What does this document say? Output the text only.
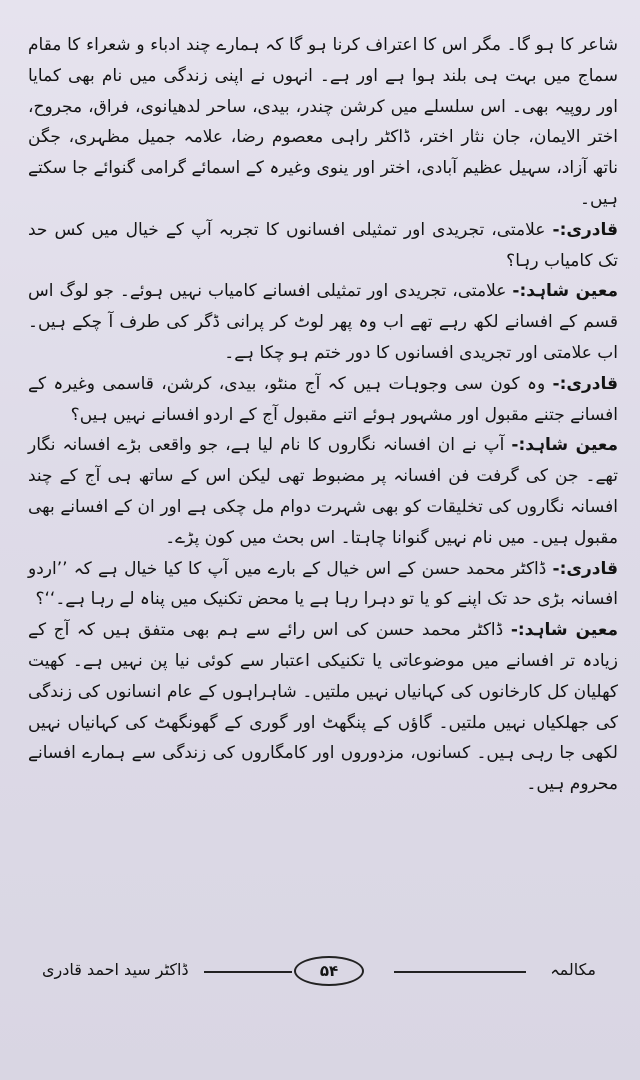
شاعر کا ہو گا۔ مگر اس کا اعتراف کرنا ہو گا کہ ہمارے چند ادباء و شعراء کا مقام سماج میں بہت ہی بلند ہوا ہے اور ہے۔ انہوں نے اپنی زندگی میں نام بھی کمایا اور روپیہ بھی۔ اس سلسلے میں کرشن چندر، بیدی، ساحر لدھیانوی، فراق، مجروح، اختر الایمان، جان نثار اختر، ڈاکٹر راہی معصوم رضا، علامہ جمیل مظہری، جگن ناتھ آزاد، سہیل عظیم آبادی، اختر اور ینوی وغیرہ کے اسمائے گرامی گنوائے جا سکتے ہیں۔

قادری:- علامتی، تجریدی اور تمثیلی افسانوں کا تجربہ آپ کے خیال میں کس حد تک کامیاب رہا؟

معین شاہد:- علامتی، تجریدی اور تمثیلی افسانے کامیاب نہیں ہوئے۔ جو لوگ اس قسم کے افسانے لکھ رہے تھے اب وہ پھر لوٹ کر پرانی ڈگر کی طرف آ چکے ہیں۔ اب علامتی اور تجریدی افسانوں کا دور ختم ہو چکا ہے۔

قادری:- وہ کون سی وجوہات ہیں کہ آج منٹو، بیدی، کرشن، قاسمی وغیرہ کے افسانے جتنے مقبول اور مشہور ہوئے اتنے مقبول آج کے اردو افسانے نہیں ہیں؟

معین شاہد:- آپ نے ان افسانہ نگاروں کا نام لیا ہے، جو واقعی بڑے افسانہ نگار تھے۔ جن کی گرفت فن افسانہ پر مضبوط تھی لیکن اس کے ساتھ ہی آج کے چند افسانہ نگاروں کی تخلیقات کو بھی شہرت دوام مل چکی ہے اور ان کے افسانے بھی مقبول ہیں۔ میں نام نہیں گنوانا چاہتا۔ اس بحث میں کون پڑے۔

قادری:- ڈاکٹر محمد حسن کے اس خیال کے بارے میں آپ کا کیا خیال ہے کہ ’’اردو افسانہ بڑی حد تک اپنے کو یا تو دہرا رہا ہے یا محض تکنیک میں پناہ لے رہا ہے۔‘‘؟

معین شاہد:- ڈاکٹر محمد حسن کی اس رائے سے ہم بھی متفق ہیں کہ آج کے زیادہ تر افسانے میں موضوعاتی یا تکنیکی اعتبار سے کوئی نیا پن نہیں ہے۔ کھیت کھلیان کل کارخانوں کی کہانیاں نہیں ملتیں۔ شاہراہوں کے عام انسانوں کی زندگی کی جھلکیاں نہیں ملتیں۔ گاؤں کے پنگھٹ اور گوری کے گھونگھٹ کی کہانیاں نہیں لکھی جا رہی ہیں۔ کسانوں، مزدوروں اور کامگاروں کی زندگی سے ہمارے افسانے محروم ہیں۔

مکالمہ
۵۴
ڈاکٹر سید احمد قادری
